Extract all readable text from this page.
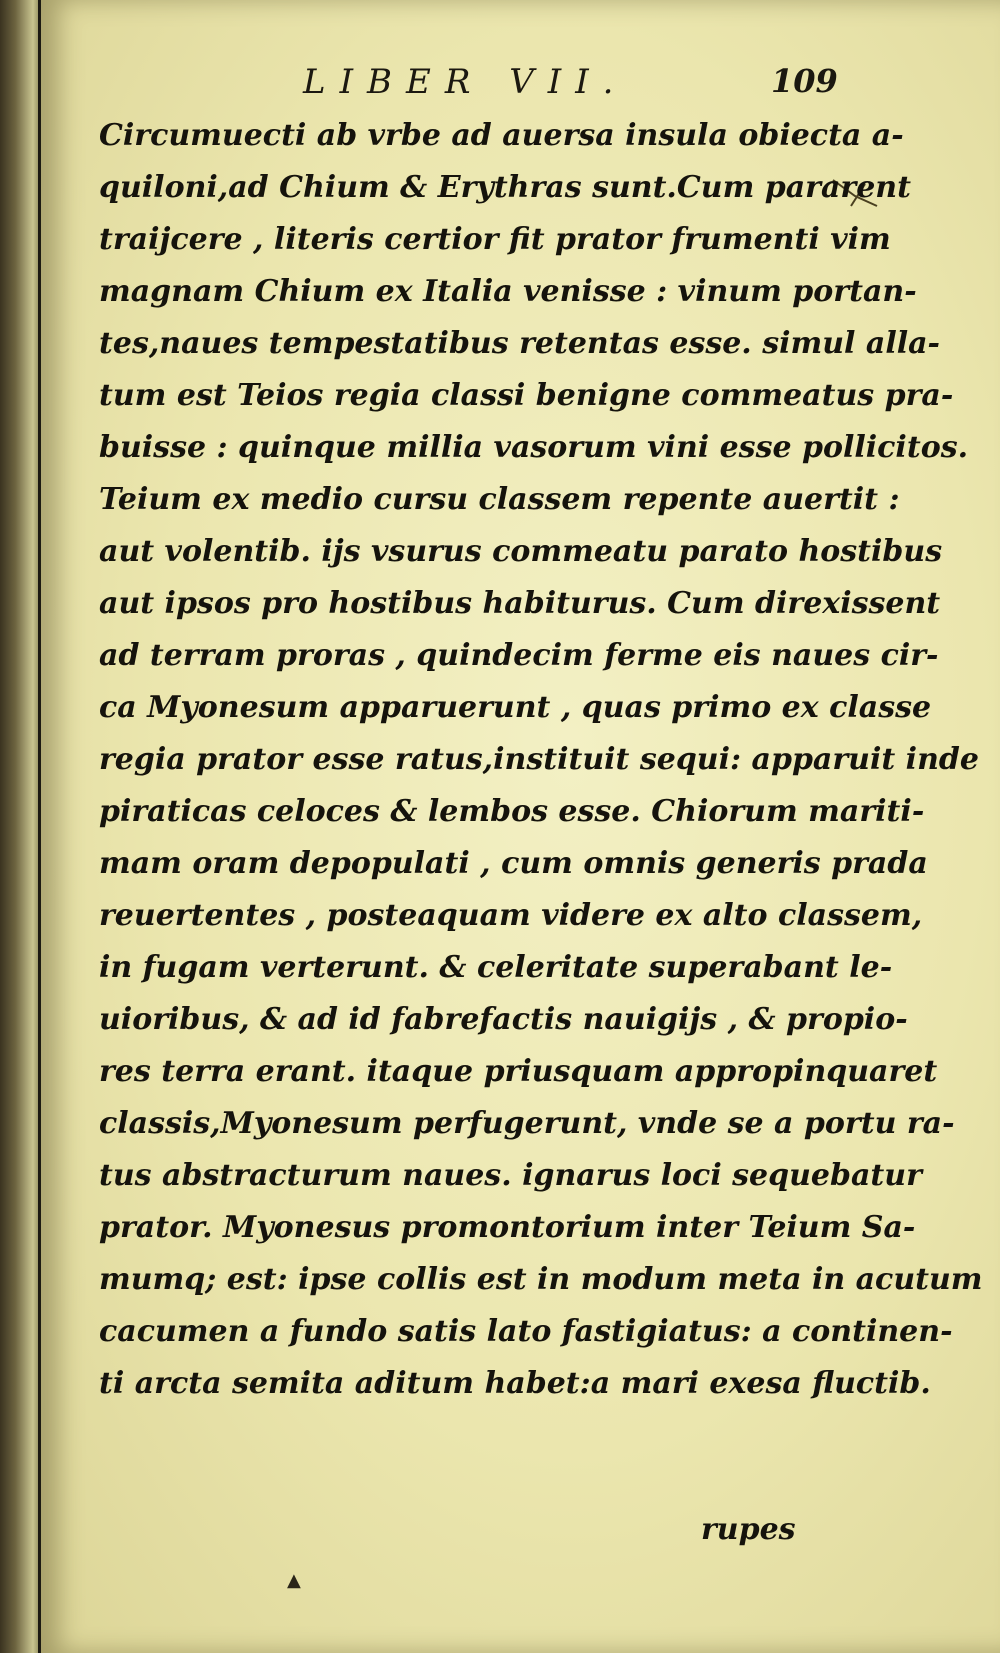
LIBER VII.	109
Circumuecti ab vrbe ad auersa insula obiecta a-
quiloni,ad Chium & Erythras sunt.Cum pararent
traijcere , literis certior fit prator frumenti vim
magnam Chium ex Italia venisse : vinum portan-
tes,naues tempestatibus retentas esse. simul alla-
tum est Teios regia classi benigne commeatus pra-
buisse : quinque millia vasorum vini esse pollicitos.
Teium ex medio cursu classem repente auertit :
aut volentib. ijs vsurus commeatu parato hostibus
aut ipsos pro hostibus habiturus. Cum direxissent
ad terram proras , quindecim ferme eis naues cir-
ca Myonesum apparuerunt , quas primo ex classe
regia prator esse ratus,instituit sequi: apparuit inde
piraticas celoces & lembos esse. Chiorum mariti-
mam oram depopulati , cum omnis generis prada
reuertentes , posteaquam videre ex alto classem,
in fugam verterunt. & celeritate superabant le-
uioribus, & ad id fabrefactis nauigijs , & propio-
res terra erant. itaque priusquam appropinquaret
classis,Myonesum perfugerunt, vnde se a portu ra-
tus abstracturum naues. ignarus loci sequebatur
prator. Myonesus promontorium inter Teium Sa-
mumq; est: ipse collis est in modum meta in acutum
cacumen a fundo satis lato fastigiatus: a continen-
ti arcta semita aditum habet:a mari exesa fluctib.
rupes
▲
